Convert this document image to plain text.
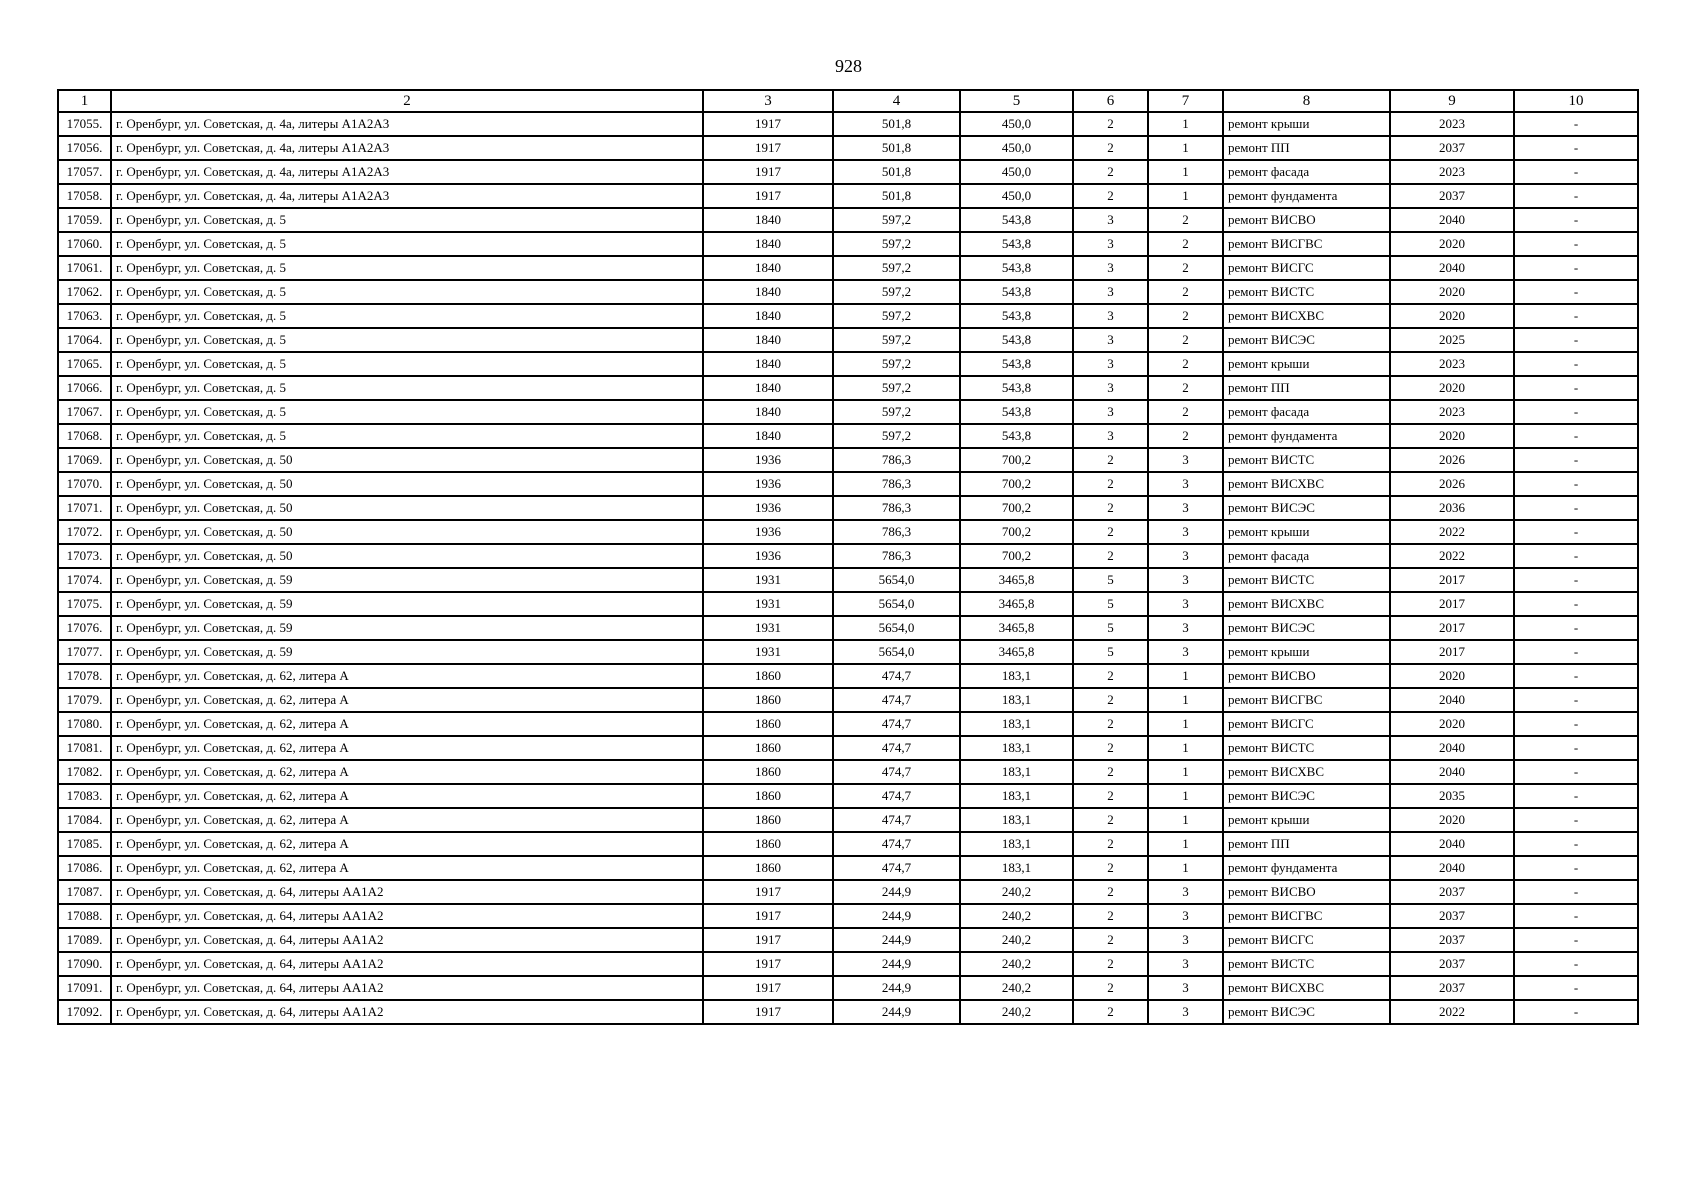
928
1	2	3	4	5	6	7	8	9	10
17055.	г. Оренбург, ул. Советская, д. 4а, литеры А1А2А3	1917	501,8	450,0	2	1	ремонт крыши	2023	-
17056.	г. Оренбург, ул. Советская, д. 4а, литеры А1А2А3	1917	501,8	450,0	2	1	ремонт ПП	2037	-
17057.	г. Оренбург, ул. Советская, д. 4а, литеры А1А2А3	1917	501,8	450,0	2	1	ремонт фасада	2023	-
17058.	г. Оренбург, ул. Советская, д. 4а, литеры А1А2А3	1917	501,8	450,0	2	1	ремонт фундамента	2037	-
17059.	г. Оренбург, ул. Советская, д. 5	1840	597,2	543,8	3	2	ремонт ВИСВО	2040	-
17060.	г. Оренбург, ул. Советская, д. 5	1840	597,2	543,8	3	2	ремонт ВИСГВС	2020	-
17061.	г. Оренбург, ул. Советская, д. 5	1840	597,2	543,8	3	2	ремонт ВИСГС	2040	-
17062.	г. Оренбург, ул. Советская, д. 5	1840	597,2	543,8	3	2	ремонт ВИСТС	2020	-
17063.	г. Оренбург, ул. Советская, д. 5	1840	597,2	543,8	3	2	ремонт ВИСХВС	2020	-
17064.	г. Оренбург, ул. Советская, д. 5	1840	597,2	543,8	3	2	ремонт ВИСЭС	2025	-
17065.	г. Оренбург, ул. Советская, д. 5	1840	597,2	543,8	3	2	ремонт крыши	2023	-
17066.	г. Оренбург, ул. Советская, д. 5	1840	597,2	543,8	3	2	ремонт ПП	2020	-
17067.	г. Оренбург, ул. Советская, д. 5	1840	597,2	543,8	3	2	ремонт фасада	2023	-
17068.	г. Оренбург, ул. Советская, д. 5	1840	597,2	543,8	3	2	ремонт фундамента	2020	-
17069.	г. Оренбург, ул. Советская, д. 50	1936	786,3	700,2	2	3	ремонт ВИСТС	2026	-
17070.	г. Оренбург, ул. Советская, д. 50	1936	786,3	700,2	2	3	ремонт ВИСХВС	2026	-
17071.	г. Оренбург, ул. Советская, д. 50	1936	786,3	700,2	2	3	ремонт ВИСЭС	2036	-
17072.	г. Оренбург, ул. Советская, д. 50	1936	786,3	700,2	2	3	ремонт крыши	2022	-
17073.	г. Оренбург, ул. Советская, д. 50	1936	786,3	700,2	2	3	ремонт фасада	2022	-
17074.	г. Оренбург, ул. Советская, д. 59	1931	5654,0	3465,8	5	3	ремонт ВИСТС	2017	-
17075.	г. Оренбург, ул. Советская, д. 59	1931	5654,0	3465,8	5	3	ремонт ВИСХВС	2017	-
17076.	г. Оренбург, ул. Советская, д. 59	1931	5654,0	3465,8	5	3	ремонт ВИСЭС	2017	-
17077.	г. Оренбург, ул. Советская, д. 59	1931	5654,0	3465,8	5	3	ремонт крыши	2017	-
17078.	г. Оренбург, ул. Советская, д. 62, литера А	1860	474,7	183,1	2	1	ремонт ВИСВО	2020	-
17079.	г. Оренбург, ул. Советская, д. 62, литера А	1860	474,7	183,1	2	1	ремонт ВИСГВС	2040	-
17080.	г. Оренбург, ул. Советская, д. 62, литера А	1860	474,7	183,1	2	1	ремонт ВИСГС	2020	-
17081.	г. Оренбург, ул. Советская, д. 62, литера А	1860	474,7	183,1	2	1	ремонт ВИСТС	2040	-
17082.	г. Оренбург, ул. Советская, д. 62, литера А	1860	474,7	183,1	2	1	ремонт ВИСХВС	2040	-
17083.	г. Оренбург, ул. Советская, д. 62, литера А	1860	474,7	183,1	2	1	ремонт ВИСЭС	2035	-
17084.	г. Оренбург, ул. Советская, д. 62, литера А	1860	474,7	183,1	2	1	ремонт крыши	2020	-
17085.	г. Оренбург, ул. Советская, д. 62, литера А	1860	474,7	183,1	2	1	ремонт ПП	2040	-
17086.	г. Оренбург, ул. Советская, д. 62, литера А	1860	474,7	183,1	2	1	ремонт фундамента	2040	-
17087.	г. Оренбург, ул. Советская, д. 64, литеры АА1А2	1917	244,9	240,2	2	3	ремонт ВИСВО	2037	-
17088.	г. Оренбург, ул. Советская, д. 64, литеры АА1А2	1917	244,9	240,2	2	3	ремонт ВИСГВС	2037	-
17089.	г. Оренбург, ул. Советская, д. 64, литеры АА1А2	1917	244,9	240,2	2	3	ремонт ВИСГС	2037	-
17090.	г. Оренбург, ул. Советская, д. 64, литеры АА1А2	1917	244,9	240,2	2	3	ремонт ВИСТС	2037	-
17091.	г. Оренбург, ул. Советская, д. 64, литеры АА1А2	1917	244,9	240,2	2	3	ремонт ВИСХВС	2037	-
17092.	г. Оренбург, ул. Советская, д. 64, литеры АА1А2	1917	244,9	240,2	2	3	ремонт ВИСЭС	2022	-
